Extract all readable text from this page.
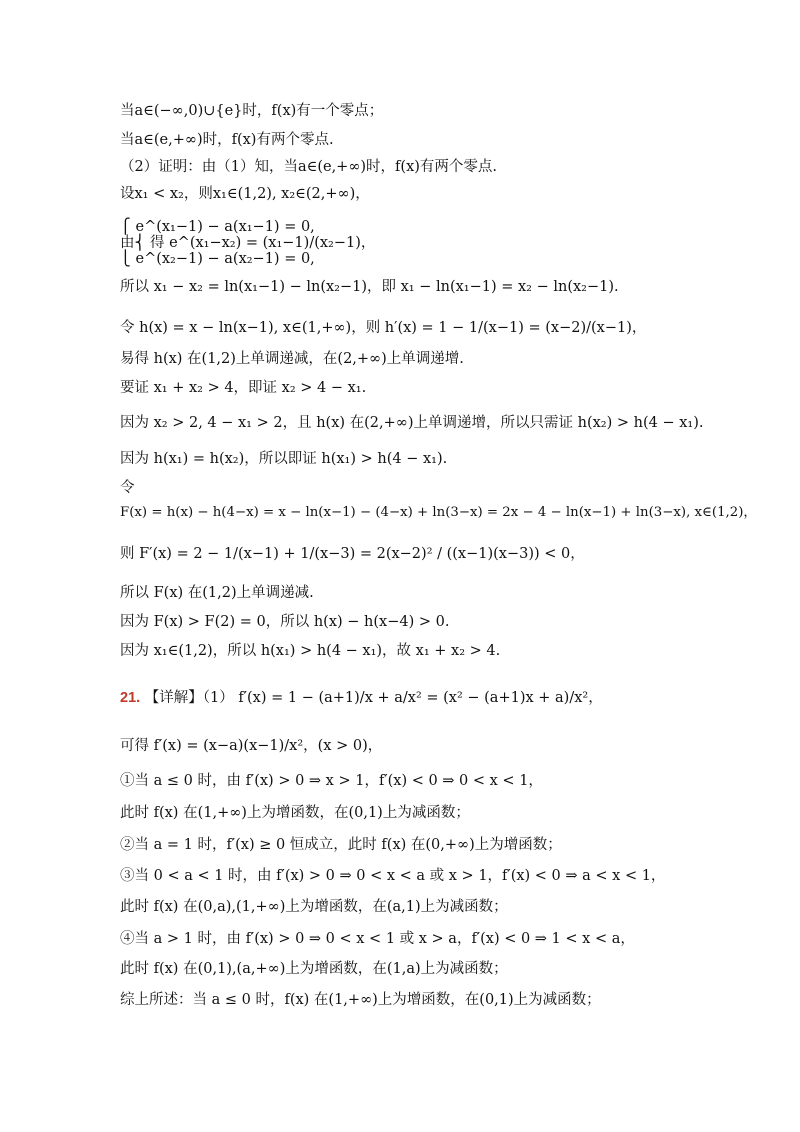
当a∈(−∞,0)∪{e}时，f(x)有一个零点；
当a∈(e,+∞)时，f(x)有两个零点.
（2）证明：由（1）知，当a∈(e,+∞)时，f(x)有两个零点.
设x₁ < x₂，则x₁∈(1,2), x₂∈(2,+∞)，
⎧ e^(x₁−1) − a(x₁−1) = 0,
由⎨ 得 e^(x₁−x₂) = (x₁−1)/(x₂−1)，
⎩ e^(x₂−1) − a(x₂−1) = 0,
所以 x₁ − x₂ = ln(x₁−1) − ln(x₂−1)，即 x₁ − ln(x₁−1) = x₂ − ln(x₂−1).
令 h(x) = x − ln(x−1), x∈(1,+∞)，则 h′(x) = 1 − 1/(x−1) = (x−2)/(x−1)，
易得 h(x) 在(1,2)上单调递减，在(2,+∞)上单调递增.
要证 x₁ + x₂ > 4，即证 x₂ > 4 − x₁.
因为 x₂ > 2, 4 − x₁ > 2，且 h(x) 在(2,+∞)上单调递增，所以只需证 h(x₂) > h(4 − x₁).
因为 h(x₁) = h(x₂)，所以即证 h(x₁) > h(4 − x₁).
令
F(x) = h(x) − h(4−x) = x − ln(x−1) − (4−x) + ln(3−x) = 2x − 4 − ln(x−1) + ln(3−x), x∈(1,2)，
则 F′(x) = 2 − 1/(x−1) + 1/(x−3) = 2(x−2)² / ((x−1)(x−3)) < 0，
所以 F(x) 在(1,2)上单调递减.
因为 F(x) > F(2) = 0，所以 h(x) − h(x−4) > 0.
因为 x₁∈(1,2)，所以 h(x₁) > h(4 − x₁)，故 x₁ + x₂ > 4.
21. 【详解】（1） f′(x) = 1 − (a+1)/x + a/x² = (x² − (a+1)x + a)/x²，
可得 f′(x) = (x−a)(x−1)/x²，(x > 0)，
①当 a ≤ 0 时，由 f′(x) > 0 ⇒ x > 1，f′(x) < 0 ⇒ 0 < x < 1，
此时 f(x) 在(1,+∞)上为增函数，在(0,1)上为减函数；
②当 a = 1 时，f′(x) ≥ 0 恒成立，此时 f(x) 在(0,+∞)上为增函数；
③当 0 < a < 1 时，由 f′(x) > 0 ⇒ 0 < x < a 或 x > 1，f′(x) < 0 ⇒ a < x < 1，
此时 f(x) 在(0,a),(1,+∞)上为增函数，在(a,1)上为减函数；
④当 a > 1 时，由 f′(x) > 0 ⇒ 0 < x < 1 或 x > a，f′(x) < 0 ⇒ 1 < x < a，
此时 f(x) 在(0,1),(a,+∞)上为增函数，在(1,a)上为减函数；
综上所述：当 a ≤ 0 时，f(x) 在(1,+∞)上为增函数，在(0,1)上为减函数；
